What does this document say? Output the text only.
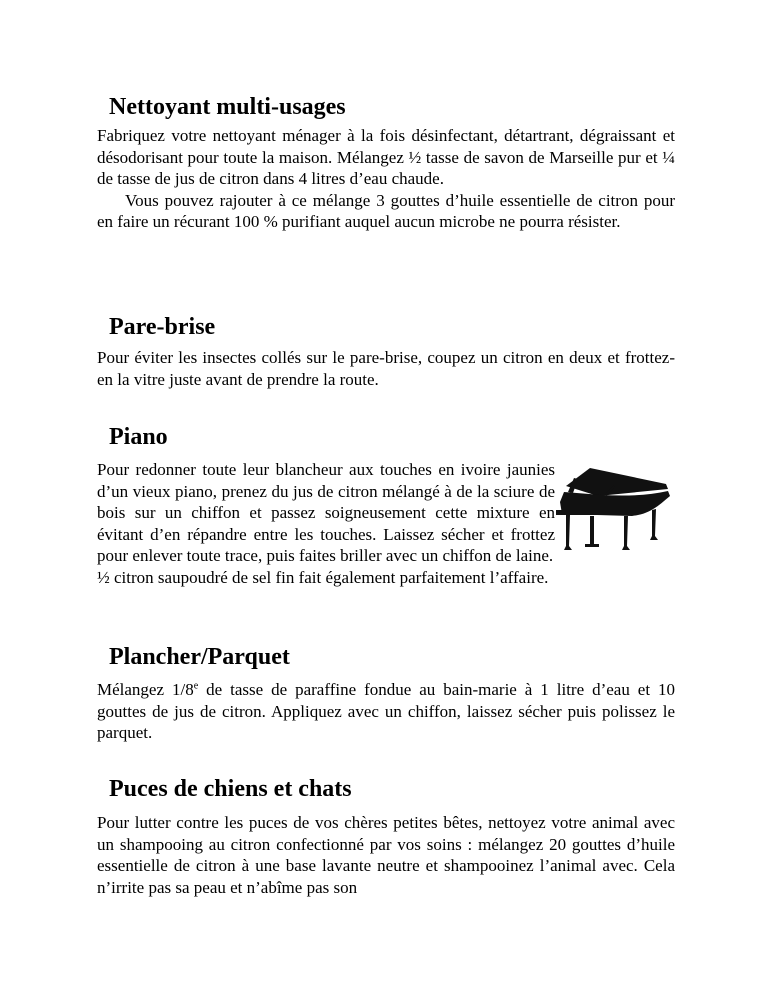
Nettoyant multi-usages

Fabriquez votre nettoyant ménager à la fois désinfectant, détartrant, dégraissant et désodorisant pour toute la maison. Mélangez ½ tasse de savon de Marseille pur et ¼ de tasse de jus de citron dans 4 litres d’eau chaude.

Vous pouvez rajouter à ce mélange 3 gouttes d’huile essentielle de citron pour en faire un récurant 100 % purifiant auquel aucun microbe ne pourra résister.

Pare-brise

Pour éviter les insectes collés sur le pare-brise, coupez un citron en deux et frottez-en la vitre juste avant de prendre la route.

Piano

Pour redonner toute leur blancheur aux touches en ivoire jaunies d’un vieux piano, prenez du jus de citron mélangé à de la sciure de bois sur un chiffon et passez soigneusement cette mixture en évitant d’en répandre entre les touches. Laissez sécher et frottez pour enlever toute trace, puis faites briller avec un chiffon de laine.

½ citron saupoudré de sel fin fait également parfaitement l’affaire.

Plancher/Parquet

Mélangez 1/8e de tasse de paraffine fondue au bain-marie à 1 litre d’eau et 10 gouttes de jus de citron. Appliquez avec un chiffon, laissez sécher puis polissez le parquet.

Puces de chiens et chats

Pour lutter contre les puces de vos chères petites bêtes, nettoyez votre animal avec un shampooing au citron confectionné par vos soins : mélangez 20 gouttes d’huile essentielle de citron à une base lavante neutre et shampooinez l’animal avec. Cela n’irrite pas sa peau et n’abîme pas son
